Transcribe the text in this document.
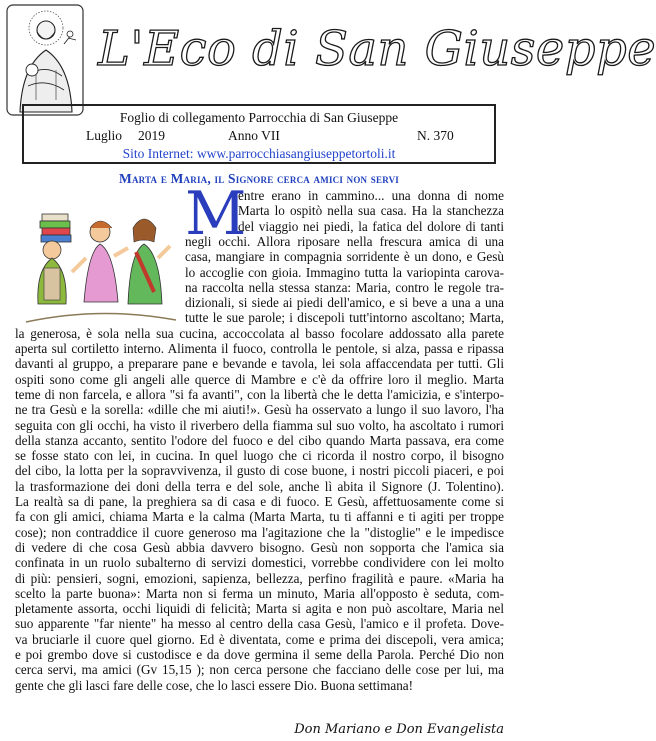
L'Eco di San Giuseppe
Foglio di collegamento Parrocchia di San Giuseppe
Luglio 2019	Anno VII	N. 370
Sito Internet: www.parrocchiasangiuseppetortoli.it
Marta e Maria, il Signore cerca amici non servi
M
entre erano in cammino... una donna di nome
Marta lo ospitò nella sua casa. Ha la stanchezza
del viaggio nei piedi, la fatica del dolore di tanti
negli occhi. Allora riposare nella frescura amica di una
casa, mangiare in compagnia sorridente è un dono, e Gesù
lo accoglie con gioia. Immagino tutta la variopinta carova-
na raccolta nella stessa stanza: Maria, contro le regole tra-
dizionali, si siede ai piedi dell'amico, e si beve a una a una
tutte le sue parole; i discepoli tutt'intorno ascoltano; Marta,
la generosa, è sola nella sua cucina, accoccolata al basso focolare addossato alla parete
aperta sul cortiletto interno. Alimenta il fuoco, controlla le pentole, si alza, passa e ripassa
davanti al gruppo, a preparare pane e bevande e tavola, lei sola affaccendata per tutti. Gli
ospiti sono come gli angeli alle querce di Mambre e c'è da offrire loro il meglio. Marta
teme di non farcela, e allora "si fa avanti", con la libertà che le detta l'amicizia, e s'interpo-
ne tra Gesù e la sorella: «dille che mi aiuti!». Gesù ha osservato a lungo il suo lavoro, l'ha
seguita con gli occhi, ha visto il riverbero della fiamma sul suo volto, ha ascoltato i rumori
della stanza accanto, sentito l'odore del fuoco e del cibo quando Marta passava, era come
se fosse stato con lei, in cucina. In quel luogo che ci ricorda il nostro corpo, il bisogno
del cibo, la lotta per la sopravvivenza, il gusto di cose buone, i nostri piccoli piaceri, e poi
la trasformazione dei doni della terra e del sole, anche lì abita il Signore (J. Tolentino).
La realtà sa di pane, la preghiera sa di casa e di fuoco. E Gesù, affettuosamente come si
fa con gli amici, chiama Marta e la calma (Marta Marta, tu ti affanni e ti agiti per troppe
cose); non contraddice il cuore generoso ma l'agitazione che la "distoglie" e le impedisce
di vedere di che cosa Gesù abbia davvero bisogno. Gesù non sopporta che l'amica sia
confinata in un ruolo subalterno di servizi domestici, vorrebbe condividere con lei molto
di più: pensieri, sogni, emozioni, sapienza, bellezza, perfino fragilità e paure. «Maria ha
scelto la parte buona»: Marta non si ferma un minuto, Maria all'opposto è seduta, com-
pletamente assorta, occhi liquidi di felicità; Marta si agita e non può ascoltare, Maria nel
suo apparente "far niente" ha messo al centro della casa Gesù, l'amico e il profeta. Dove-
va bruciarle il cuore quel giorno. Ed è diventata, come e prima dei discepoli, vera amica;
e poi grembo dove si custodisce e da dove germina il seme della Parola. Perché Dio non
cerca servi, ma amici (Gv 15,15 ); non cerca persone che facciano delle cose per lui, ma
gente che gli lasci fare delle cose, che lo lasci essere Dio. Buona settimana!
Don Mariano e Don Evangelista
